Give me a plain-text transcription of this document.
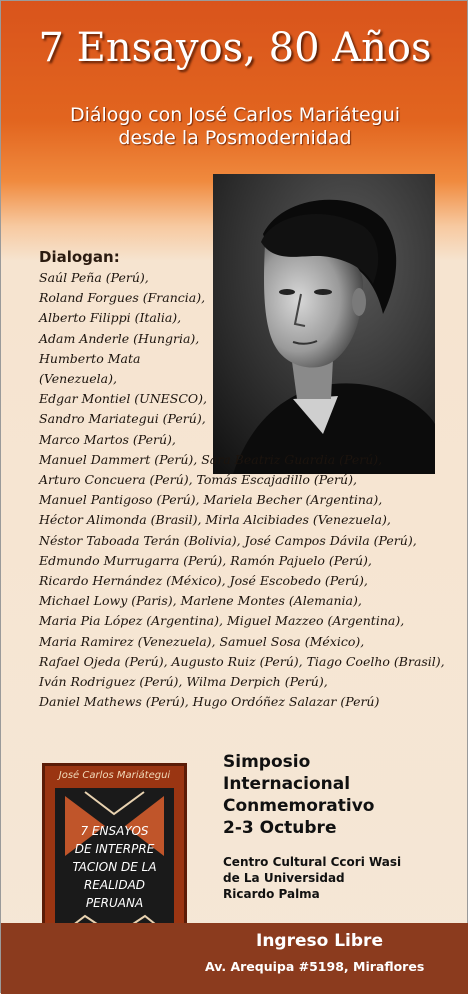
7 Ensayos, 80 Años
Diálogo con José Carlos Mariátegui
desde la Posmodernidad
Dialogan:
Saúl Peña (Perú),
Roland Forgues (Francia),
Alberto Filippi (Italia),
Adam Anderle (Hungria),
Humberto Mata
(Venezuela),
Edgar Montiel (UNESCO),
Sandro Mariategui (Perú),
Marco Martos (Perú),
Manuel Dammert (Perú), Sara Beatriz Guardia (Perú),
Arturo Concuera (Perú), Tomás Escajadillo (Perú),
Manuel Pantigoso (Perú), Mariela Becher (Argentina),
Héctor Alimonda (Brasil), Mirla Alcibiades (Venezuela),
Néstor Taboada Terán (Bolivia), José Campos Dávila (Perú),
Edmundo Murrugarra (Perú), Ramón Pajuelo (Perú),
Ricardo Hernández (México), José Escobedo (Perú),
Michael Lowy (Paris), Marlene Montes (Alemania),
Maria Pia López (Argentina), Miguel Mazzeo (Argentina),
Maria Ramirez (Venezuela), Samuel Sosa (México),
Rafael Ojeda (Perú), Augusto Ruiz (Perú), Tiago Coelho (Brasil),
Iván Rodriguez (Perú), Wilma Derpich (Perú),
Daniel Mathews (Perú), Hugo Ordóñez Salazar (Perú)
José Carlos Mariátegui
7 ENSAYOS
DE INTERPRE
TACION DE LA
REALIDAD
PERUANA
Simposio
Internacional
Conmemorativo
2-3 Octubre
Centro Cultural Ccori Wasi
de La Universidad
Ricardo Palma
Ingreso Libre
Av. Arequipa #5198, Miraflores
